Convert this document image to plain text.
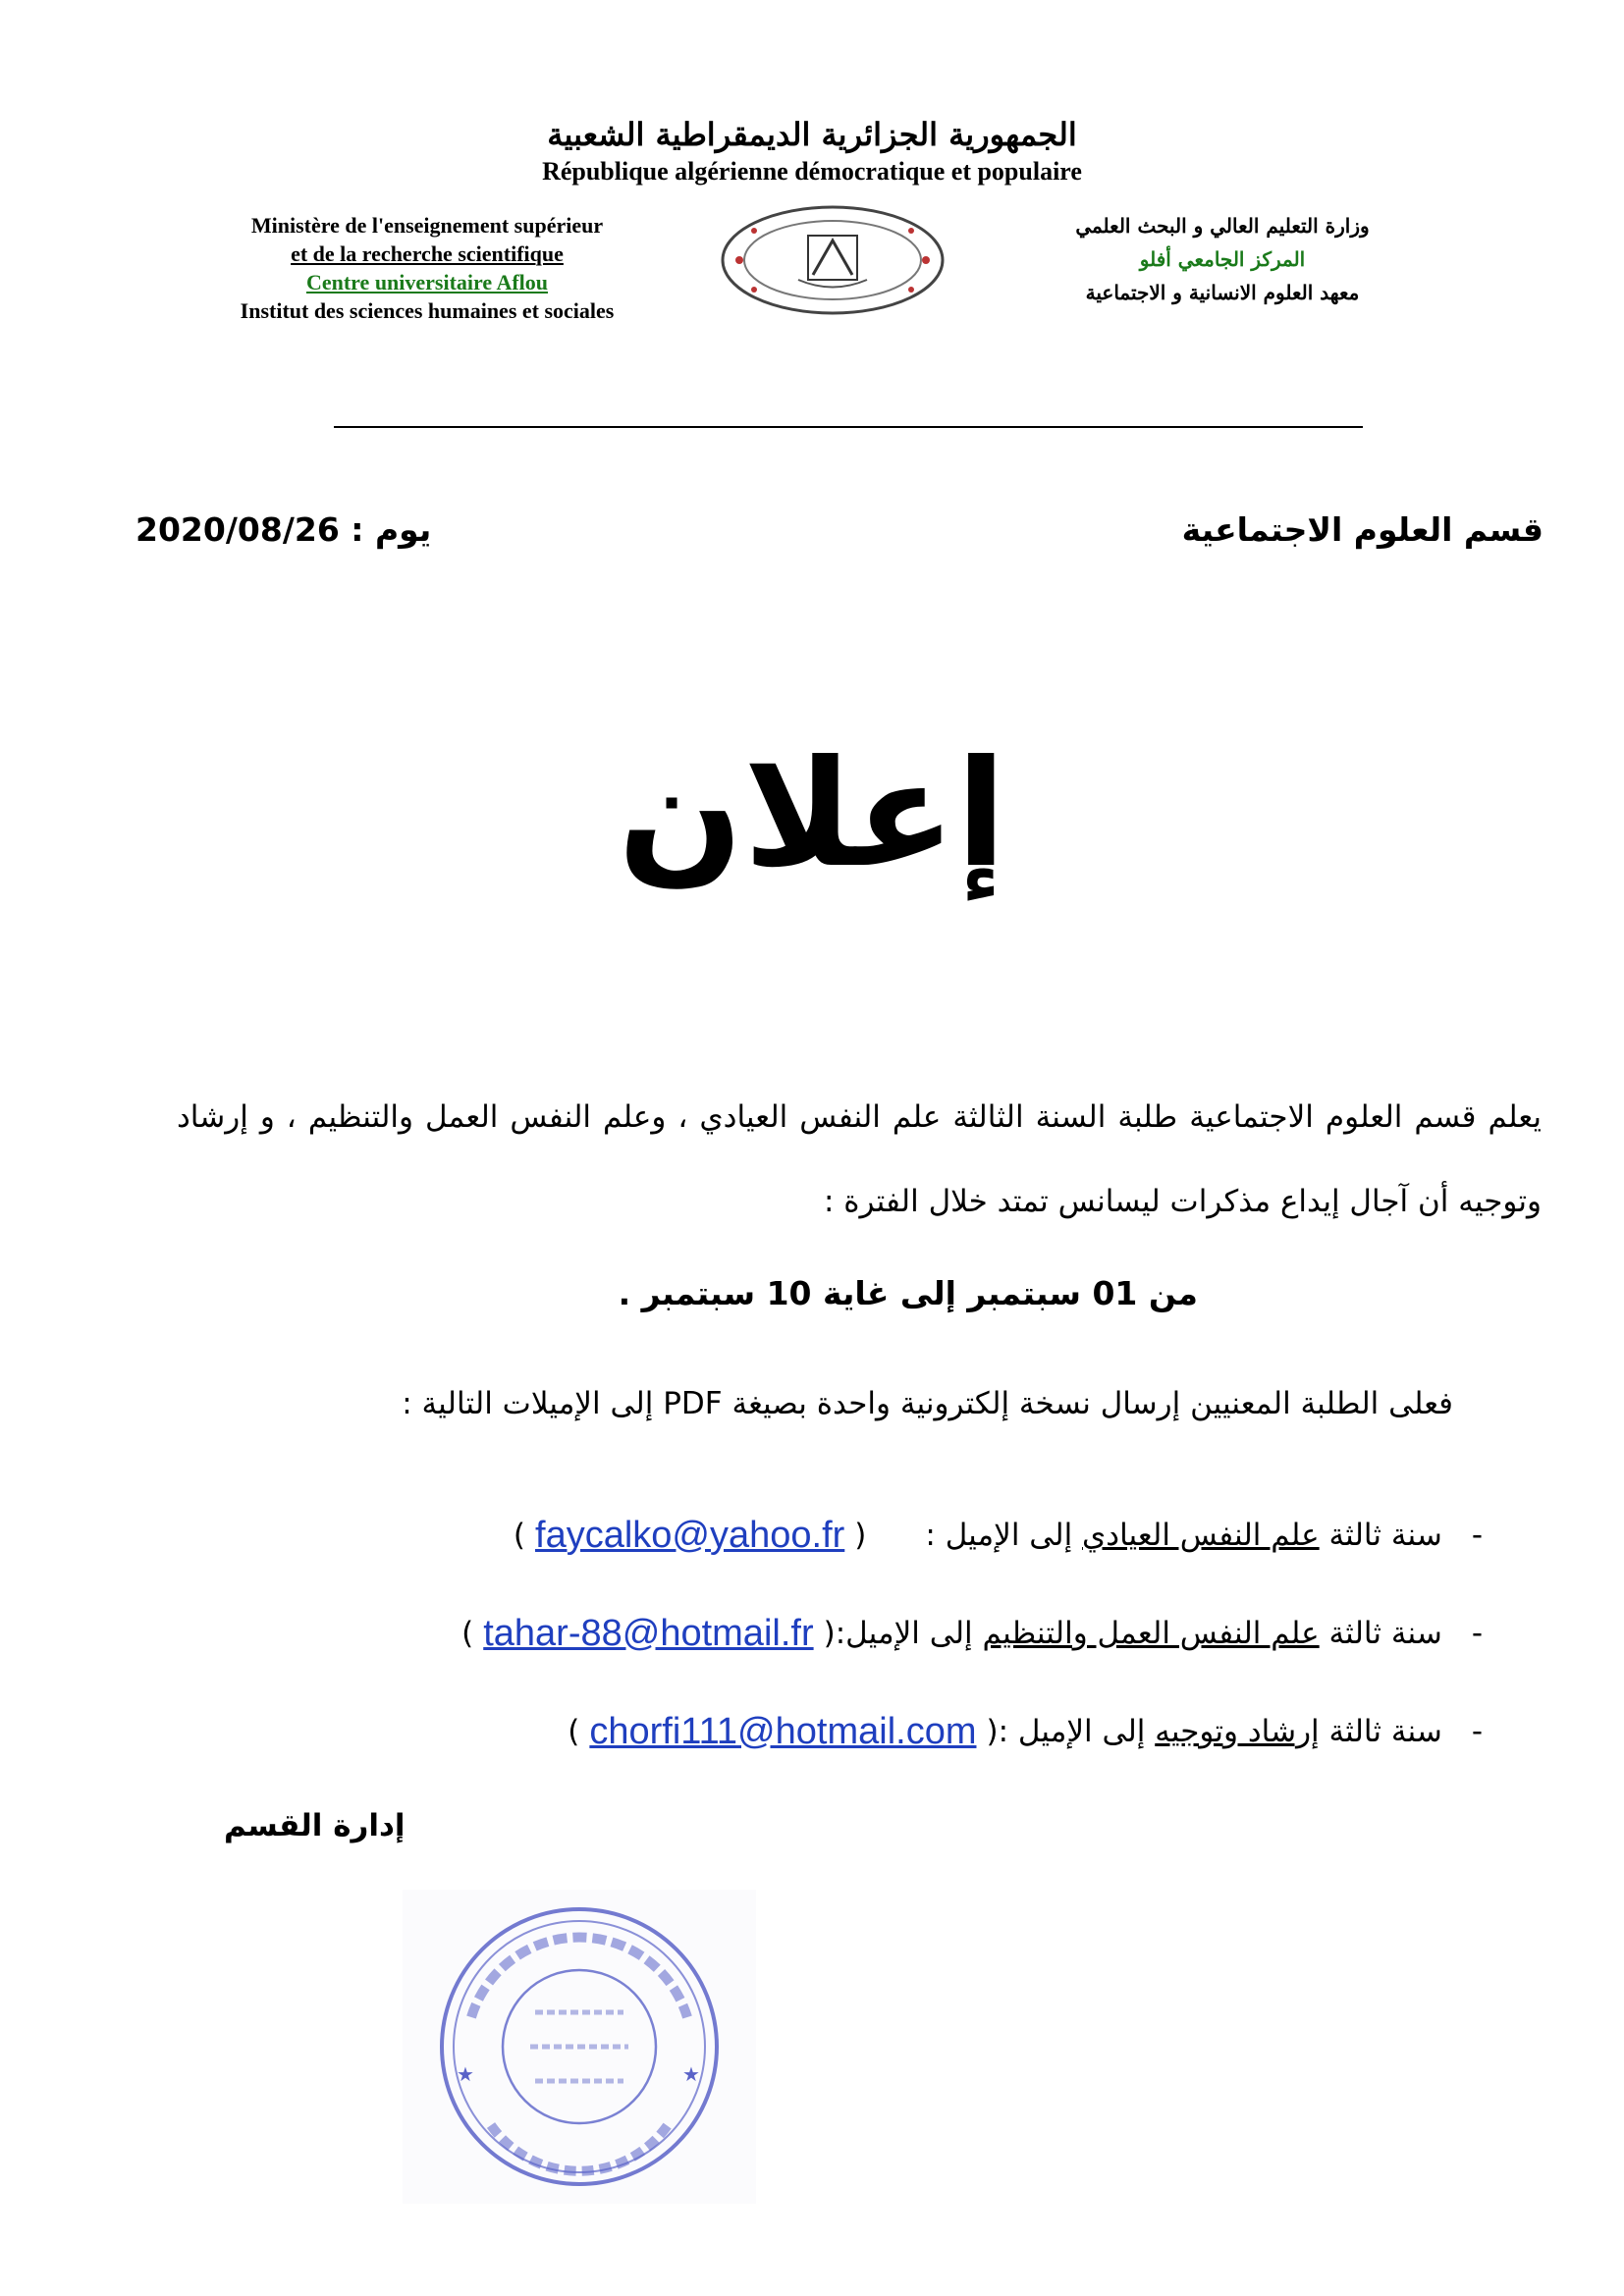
الجمهورية الجزائرية الديمقراطية الشعبية
République algérienne démocratique et populaire
Ministère de l'enseignement supérieur
et de la recherche scientifique
Centre universitaire Aflou
Institut des sciences humaines et sociales
وزارة التعليم العالي و البحث العلمي
المركز الجامعي أفلو
معهد العلوم الانسانية و الاجتماعية
قسم العلوم الاجتماعية
2020/08/26 يوم :
إعلان
يعلم قسم العلوم الاجتماعية طلبة السنة الثالثة علم النفس العيادي ، وعلم النفس العمل والتنظيم ، و إرشاد وتوجيه أن آجال إيداع مذكرات ليسانس تمتد خلال الفترة :
من 01 سبتمبر إلى غاية 10 سبتمبر .
فعلى الطلبة المعنيين إرسال نسخة إلكترونية واحدة بصيغة PDF إلى الإميلات التالية :
-
سنة ثالثة

علم النفس العيادي

إلى الإميل :
(
faycalko@yahoo.fr
)
-
سنة ثالثة

علم النفس العمل والتنظيم

إلى الإميل:
(
tahar-88@hotmail.fr
)
-
سنة ثالثة

إرشاد وتوجيه

إلى الإميل :
(
chorfi111@hotmail.com
)
إدارة القسم
★	★
